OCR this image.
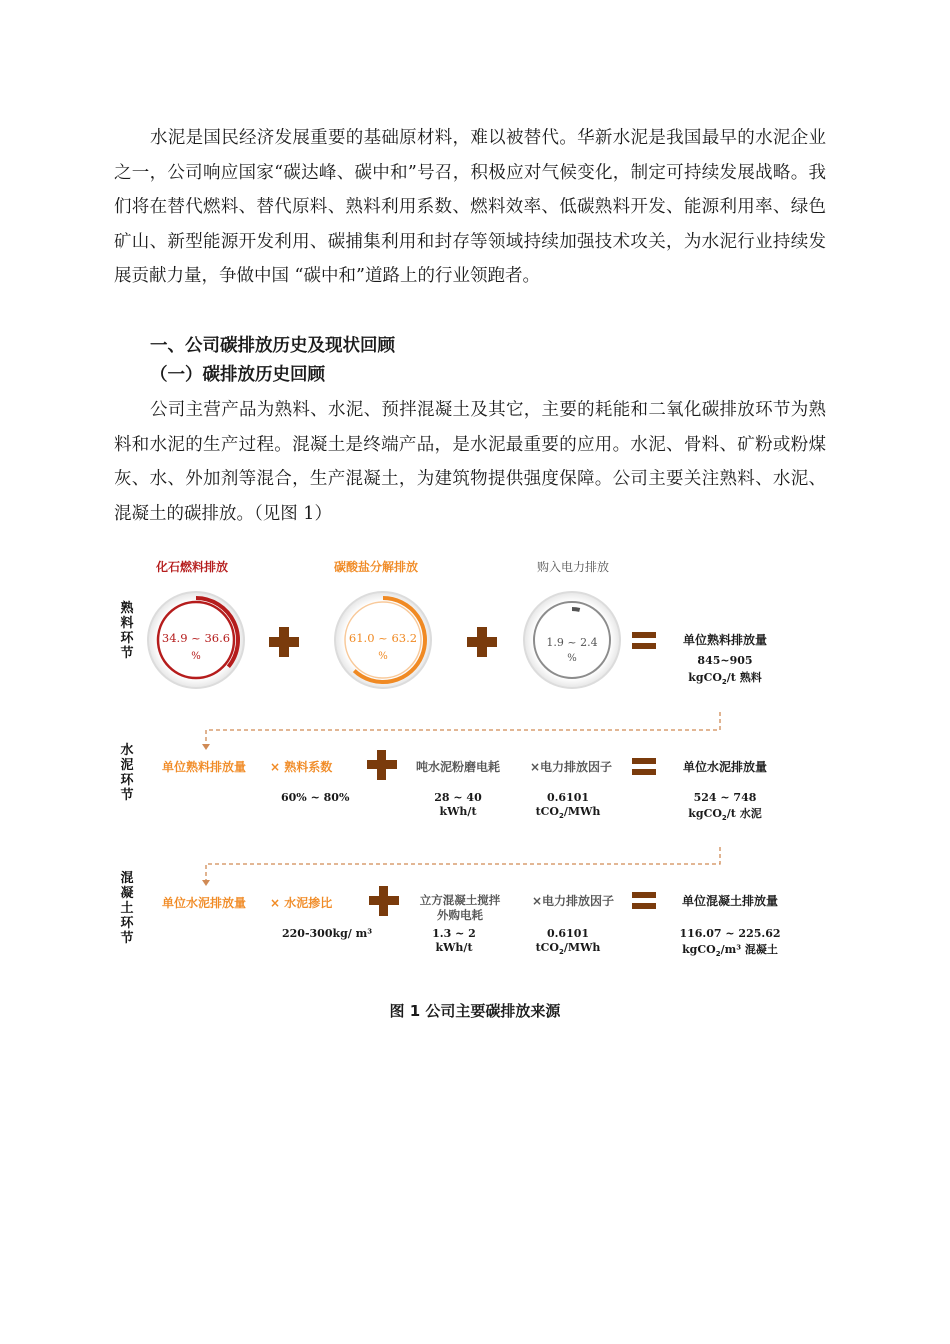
水泥是国民经济发展重要的基础原材料，难以被替代。华新水泥是我国最早的水泥企业之一，公司响应国家“碳达峰、碳中和”号召，积极应对气候变化，制定可持续发展战略。我们将在替代燃料、替代原料、熟料利用系数、燃料效率、低碳熟料开发、能源利用率、绿色矿山、新型能源开发利用、碳捕集利用和封存等领域持续加强技术攻关，为水泥行业持续发展贡献力量，争做中国 “碳中和”道路上的行业领跑者。

一、公司碳排放历史及现状回顾
（一）碳排放历史回顾

公司主营产品为熟料、水泥、预拌混凝土及其它，主要的耗能和二氧化碳排放环节为熟料和水泥的生产过程。混凝土是终端产品，是水泥最重要的应用。水泥、骨料、矿粉或粉煤灰、水、外加剂等混合，生产混凝土，为建筑物提供强度保障。公司主要关注熟料、水泥、混凝土的碳排放。（见图 1）

熟料环节
水泥环节
混凝土环节
化石燃料排放	碳酸盐分解排放	购入电力排放
34.9 ~ 36.6
%
61.0 ~ 63.2
%
1.9 ~ 2.4
%
单位熟料排放量
845~905
kgCO$_2$/t 熟料
单位熟料排放量 × 熟料系数
60% ~ 80%
吨水泥粉磨电耗
28 ~ 40
kWh/t
×电力排放因子
0.6101
tCO$_2$/MWh
单位水泥排放量
524 ~ 748
kgCO$_2$/t 水泥
单位水泥排放量 × 水泥掺比
220-300kg/ m³
立方混凝土搅拌
外购电耗
1.3 ~ 2
kWh/t
×电力排放因子
0.6101
tCO$_2$/MWh
单位混凝土排放量
116.07 ~ 225.62
kgCO$_2$/m³ 混凝土
图 1 公司主要碳排放来源
